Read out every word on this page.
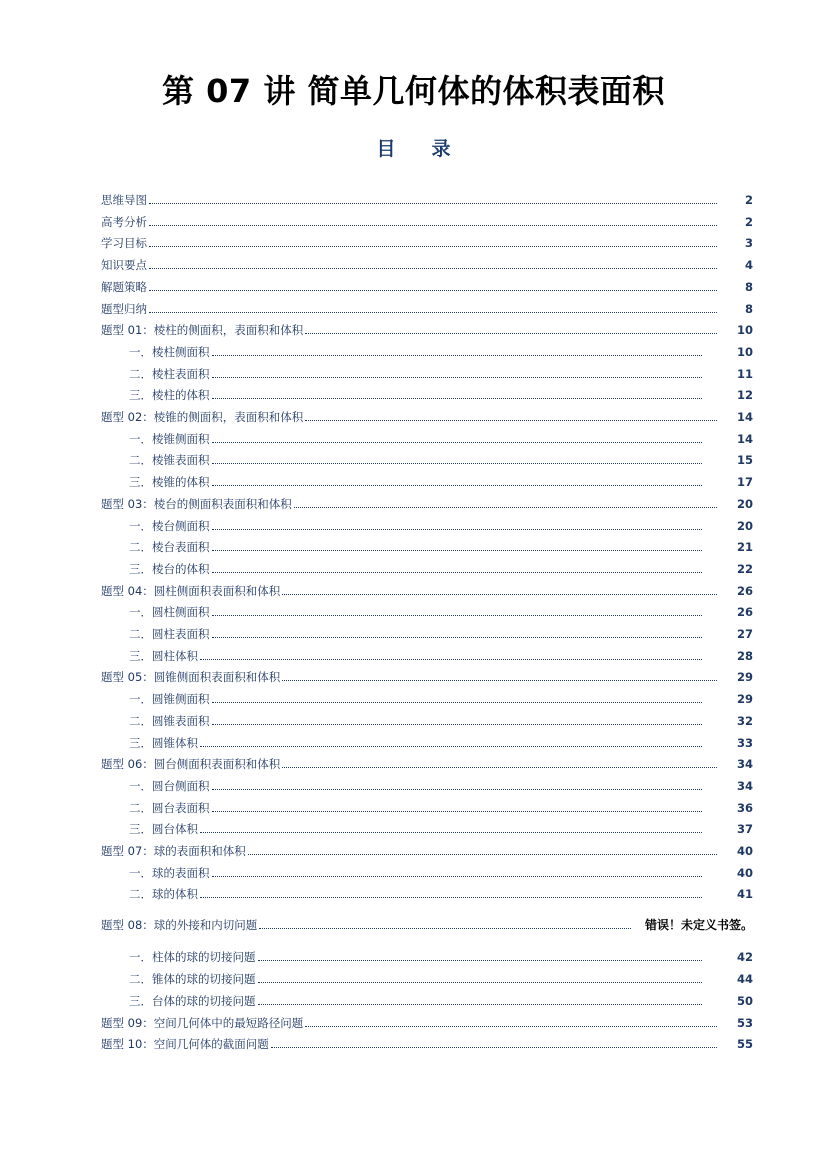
第 07 讲 简单几何体的体积表面积
目录
思维导图	2
高考分析	2
学习目标	3
知识要点	4
解题策略	8
题型归纳	8
题型 01：棱柱的侧面积，表面积和体积	10
一．棱柱侧面积	10
二．棱柱表面积	11
三．棱柱的体积	12
题型 02：棱锥的侧面积，表面积和体积	14
一．棱锥侧面积	14
二．棱锥表面积	15
三．棱锥的体积	17
题型 03：棱台的侧面积表面积和体积	20
一．棱台侧面积	20
二．棱台表面积	21
三．棱台的体积	22
题型 04：圆柱侧面积表面积和体积	26
一．圆柱侧面积	26
二．圆柱表面积	27
三．圆柱体积	28
题型 05：圆锥侧面积表面积和体积	29
一．圆锥侧面积	29
二．圆锥表面积	32
三．圆锥体积	33
题型 06：圆台侧面积表面积和体积	34
一．圆台侧面积	34
二．圆台表面积	36
三．圆台体积	37
题型 07：球的表面积和体积	40
一．球的表面积	40
二．球的体积	41
题型 08：球的外接和内切问题	错误！未定义书签。
一．柱体的球的切接问题	42
二．锥体的球的切接问题	44
三．台体的球的切接问题	50
题型 09：空间几何体中的最短路径问题	53
题型 10：空间几何体的截面问题	55
